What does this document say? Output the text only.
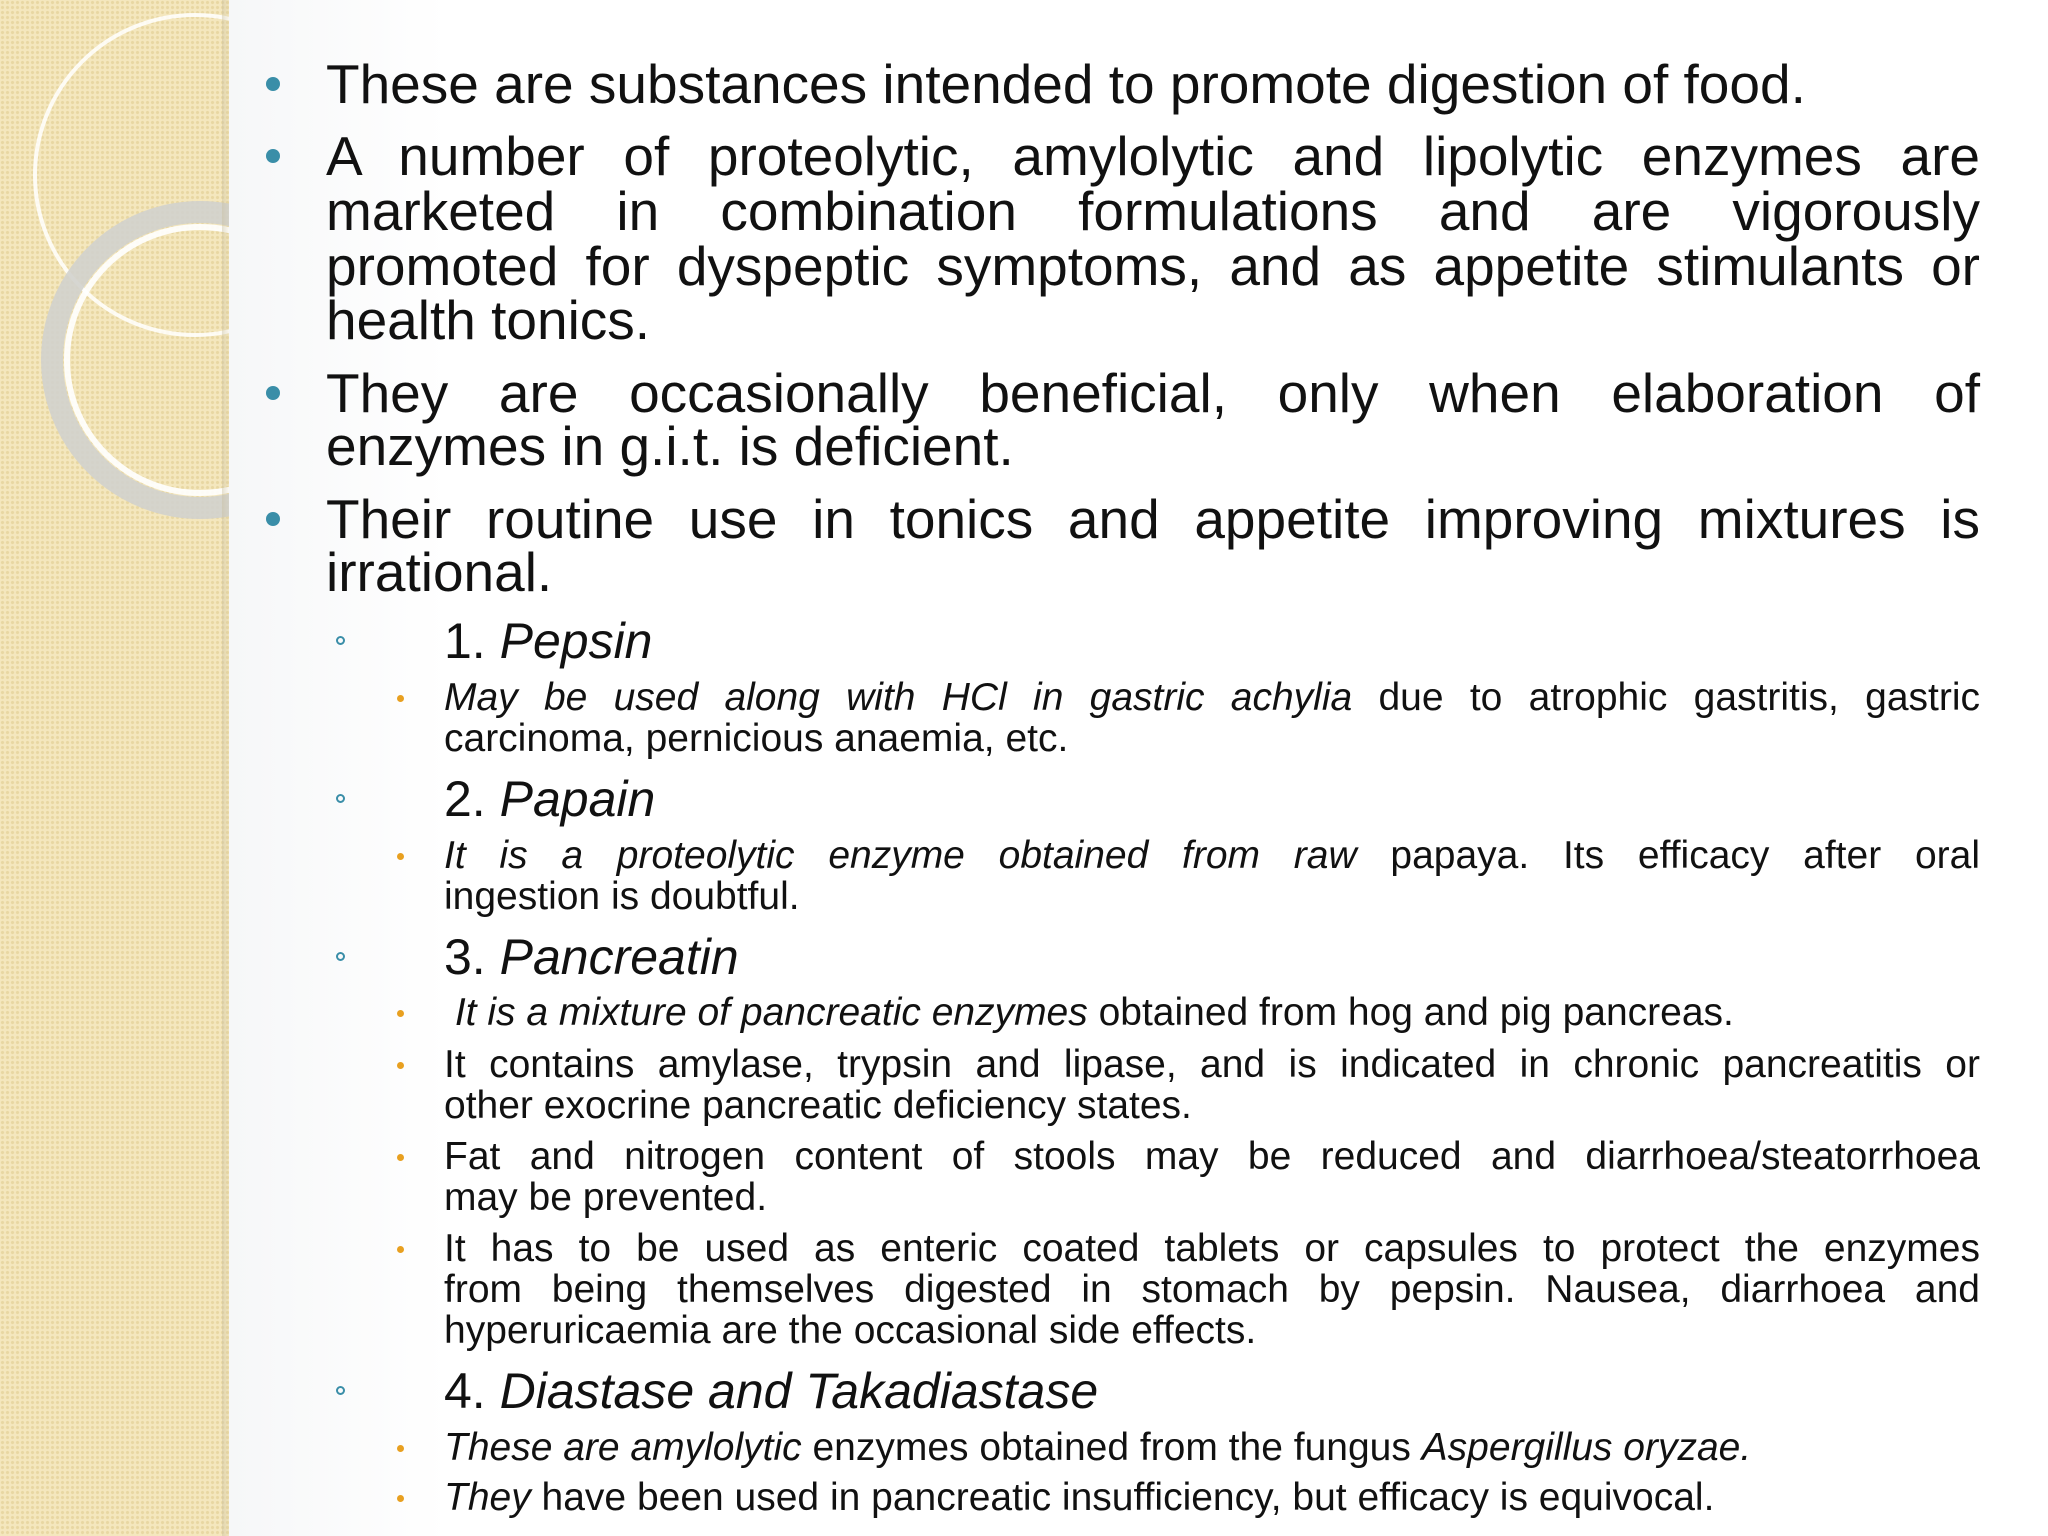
These are substances intended to promote digestion of food.

A number of proteolytic, amylolytic and lipolytic enzymes are

marketed in combination formulations and are vigorously

promoted for dyspeptic symptoms, and as appetite stimulants or

health tonics.

They are occasionally beneficial, only when elaboration of

enzymes in g.i.t. is deficient.

Their routine use in tonics and appetite improving mixtures is

irrational.

1. Pepsin

May be used along with HCl in gastric achylia due to atrophic gastritis, gastric

carcinoma, pernicious anaemia, etc.

2. Papain

It is a proteolytic enzyme obtained from raw papaya. Its efficacy after oral

ingestion is doubtful.

3. Pancreatin

It is a mixture of pancreatic enzymes obtained from hog and pig pancreas.

It contains amylase, trypsin and lipase, and is indicated in chronic pancreatitis or

other exocrine pancreatic deficiency states.

Fat and nitrogen content of stools may be reduced and diarrhoea/steatorrhoea

may be prevented.

It has to be used as enteric coated tablets or capsules to protect the enzymes

from being themselves digested in stomach by pepsin. Nausea, diarrhoea and

hyperuricaemia are the occasional side effects.

4. Diastase and Takadiastase

These are amylolytic enzymes obtained from the fungus Aspergillus oryzae.

They have been used in pancreatic insufficiency, but efficacy is equivocal.
